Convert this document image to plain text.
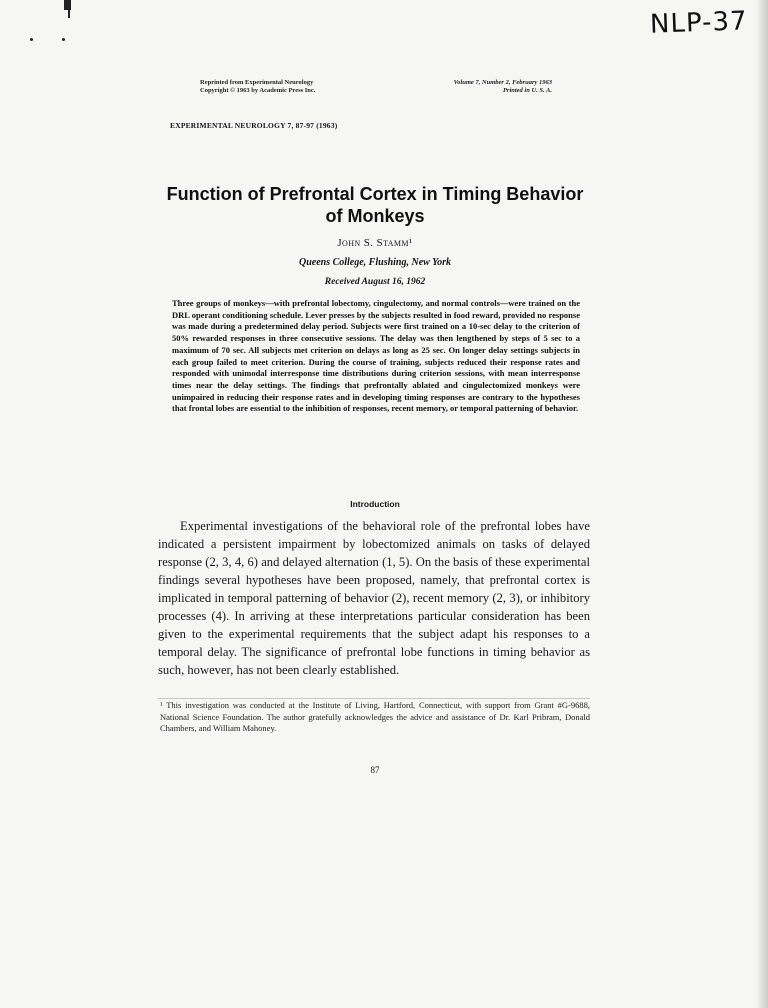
NLP-37
Reprinted from Experimental Neurology
Copyright © 1963 by Academic Press Inc.
Volume 7, Number 2, February 1963
Printed in U. S. A.
EXPERIMENTAL NEUROLOGY 7, 87-97 (1963)
Function of Prefrontal Cortex in Timing Behavior
of Monkeys
John S. Stamm¹
Queens College, Flushing, New York
Received August 16, 1962
Three groups of monkeys—with prefrontal lobectomy, cingulectomy, and normal controls—were trained on the DRL operant conditioning schedule. Lever presses by the subjects resulted in food reward, provided no response was made during a predetermined delay period. Subjects were first trained on a 10-sec delay to the criterion of 50% rewarded responses in three consecutive sessions. The delay was then lengthened by steps of 5 sec to a maximum of 70 sec. All subjects met criterion on delays as long as 25 sec. On longer delay settings subjects in each group failed to meet criterion. During the course of training, subjects reduced their response rates and responded with unimodal interresponse time distributions during criterion sessions, with mean interresponse times near the delay settings. The findings that prefrontally ablated and cingulectomized monkeys were unimpaired in reducing their response rates and in developing timing responses are contrary to the hypotheses that frontal lobes are essential to the inhibition of responses, recent memory, or temporal patterning of behavior.
Introduction
Experimental investigations of the behavioral role of the prefrontal lobes have indicated a persistent impairment by lobectomized animals on tasks of delayed response (2, 3, 4, 6) and delayed alternation (1, 5). On the basis of these experimental findings several hypotheses have been proposed, namely, that prefrontal cortex is implicated in temporal patterning of behavior (2), recent memory (2, 3), or inhibitory processes (4). In arriving at these interpretations particular consideration has been given to the experimental requirements that the subject adapt his responses to a temporal delay. The significance of prefrontal lobe functions in timing behavior as such, however, has not been clearly established.
¹ This investigation was conducted at the Institute of Living, Hartford, Connecticut, with support from Grant #G-9688, National Science Foundation. The author gratefully acknowledges the advice and assistance of Dr. Karl Pribram, Donald Chambers, and William Mahoney.
87
